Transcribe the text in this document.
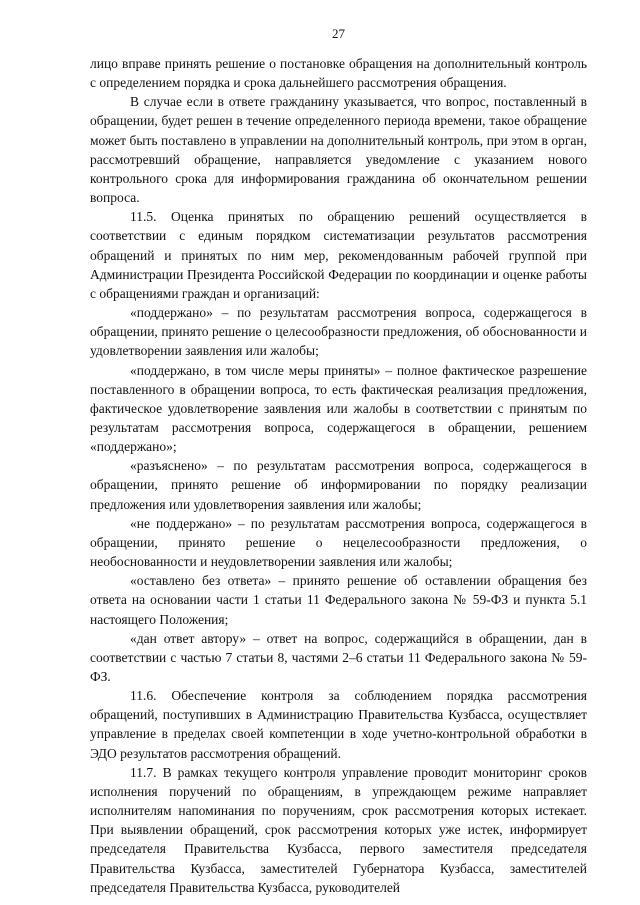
27

лицо вправе принять решение о постановке обращения на дополнительный контроль с определением порядка и срока дальнейшего рассмотрения обращения.

В случае если в ответе гражданину указывается, что вопрос, поставленный в обращении, будет решен в течение определенного периода времени, такое обращение может быть поставлено в управлении на дополнительный контроль, при этом в орган, рассмотревший обращение, направляется уведомление с указанием нового контрольного срока для информирования гражданина об окончательном решении вопроса.

11.5. Оценка принятых по обращению решений осуществляется в соответствии с единым порядком систематизации результатов рассмотрения обращений и принятых по ним мер, рекомендованным рабочей группой при Администрации Президента Российской Федерации по координации и оценке работы с обращениями граждан и организаций:

«поддержано» – по результатам рассмотрения вопроса, содержащегося в обращении, принято решение о целесообразности предложения, об обоснованности и удовлетворении заявления или жалобы;

«поддержано, в том числе меры приняты» – полное фактическое разрешение поставленного в обращении вопроса, то есть фактическая реализация предложения, фактическое удовлетворение заявления или жалобы в соответствии с принятым по результатам рассмотрения вопроса, содержащегося в обращении, решением «поддержано»;

«разъяснено» – по результатам рассмотрения вопроса, содержащегося в обращении, принято решение об информировании по порядку реализации предложения или удовлетворения заявления или жалобы;

«не поддержано» – по результатам рассмотрения вопроса, содержащегося в обращении, принято решение о нецелесообразности предложения, о необоснованности и неудовлетворении заявления или жалобы;

«оставлено без ответа» – принято решение об оставлении обращения без ответа на основании части 1 статьи 11 Федерального закона № 59-ФЗ и пункта 5.1 настоящего Положения;

«дан ответ автору» – ответ на вопрос, содержащийся в обращении, дан в соответствии с частью 7 статьи 8, частями 2–6 статьи 11 Федерального закона № 59-ФЗ.

11.6. Обеспечение контроля за соблюдением порядка рассмотрения обращений, поступивших в Администрацию Правительства Кузбасса, осуществляет управление в пределах своей компетенции в ходе учетно-контрольной обработки в ЭДО результатов рассмотрения обращений.

11.7. В рамках текущего контроля управление проводит мониторинг сроков исполнения поручений по обращениям, в упреждающем режиме направляет исполнителям напоминания по поручениям, срок рассмотрения которых истекает. При выявлении обращений, срок рассмотрения которых уже истек, информирует председателя Правительства Кузбасса, первого заместителя председателя Правительства Кузбасса, заместителей Губернатора Кузбасса, заместителей председателя Правительства Кузбасса, руководителей
